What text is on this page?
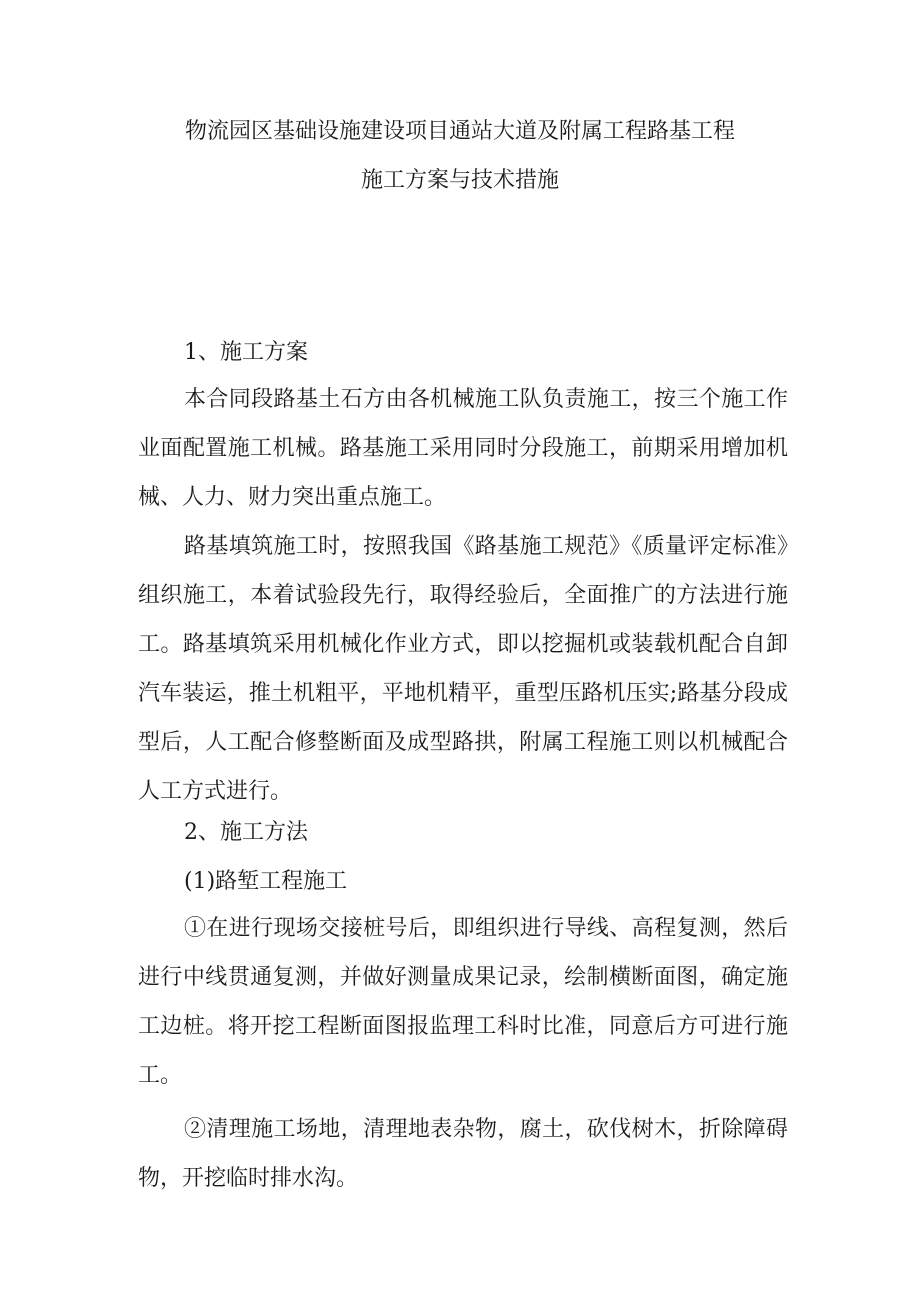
物流园区基础设施建设项目通站大道及附属工程路基工程
施工方案与技术措施
1、施工方案

本合同段路基土石方由各机械施工队负责施工，按三个施工作业面配置施工机械。路基施工采用同时分段施工，前期采用增加机械、人力、财力突出重点施工。

路基填筑施工时，按照我国《路基施工规范》《质量评定标准》组织施工，本着试验段先行，取得经验后，全面推广的方法进行施工。路基填筑采用机械化作业方式，即以挖掘机或装载机配合自卸汽车装运，推土机粗平，平地机精平，重型压路机压实;路基分段成型后，人工配合修整断面及成型路拱，附属工程施工则以机械配合人工方式进行。

2、施工方法
(1)路堑工程施工

①在进行现场交接桩号后，即组织进行导线、高程复测，然后进行中线贯通复测，并做好测量成果记录，绘制横断面图，确定施工边桩。将开挖工程断面图报监理工科时比准，同意后方可进行施工。

②清理施工场地，清理地表杂物，腐土，砍伐树木，折除障碍物，开挖临时排水沟。
